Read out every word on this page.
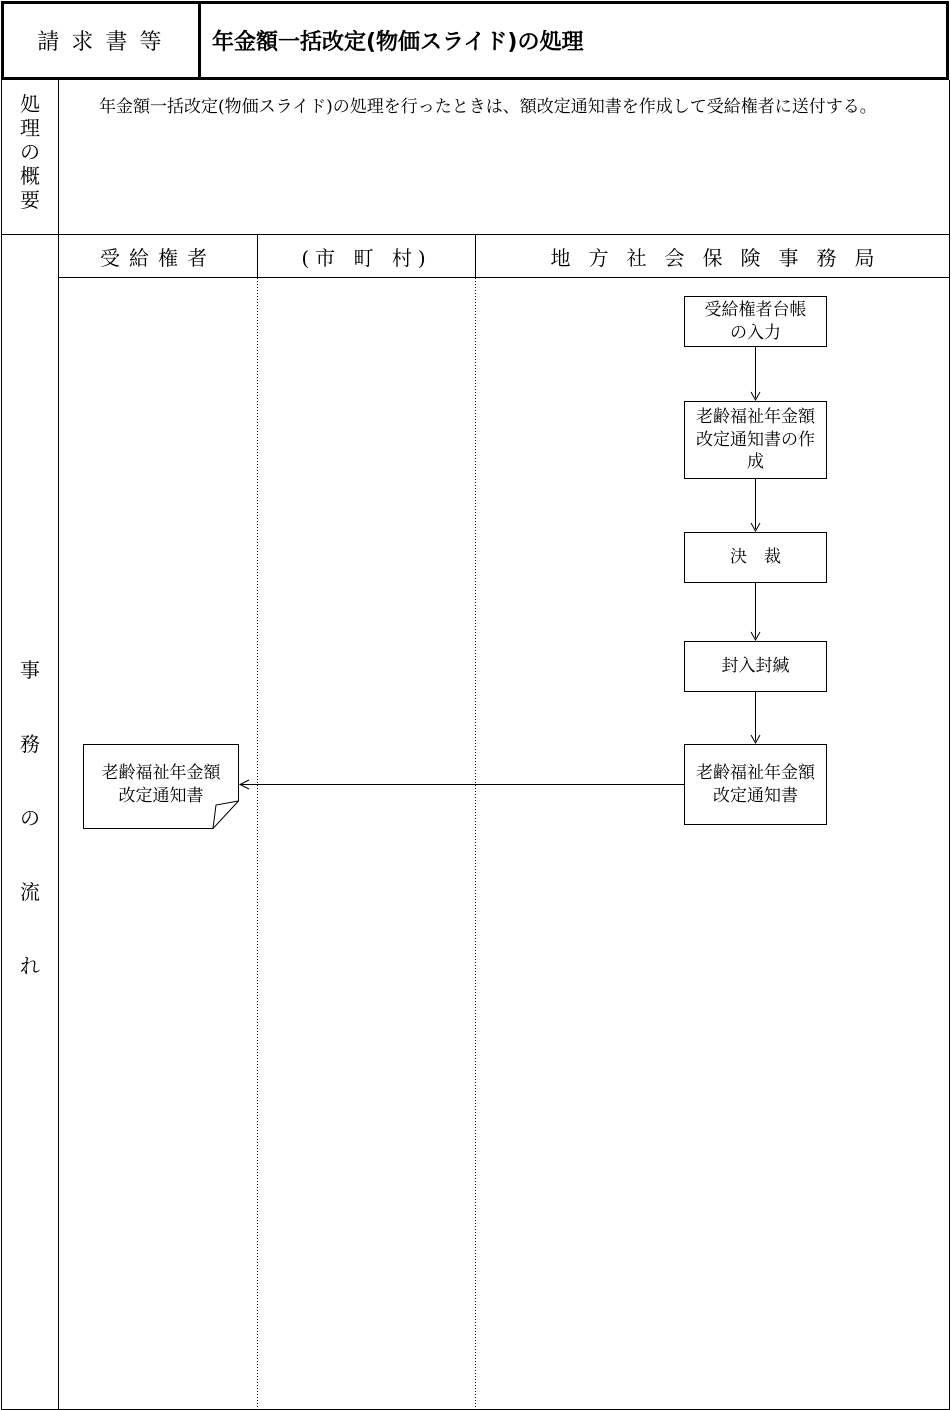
請求書等	年金額一括改定(物価スライド)の処理
処
理
の
概
要
年金額一括改定(物価スライド)の処理を行ったときは、額改定通知書を作成して受給権者に送付する。
事
務
の
流
れ
受給権者	(市 町 村)	地方社会保険事務局
受給権者台帳
の入力
老齢福祉年金額
改定通知書の作
成
決　裁
封入封緘
老齢福祉年金額
改定通知書
老齢福祉年金額
改定通知書
